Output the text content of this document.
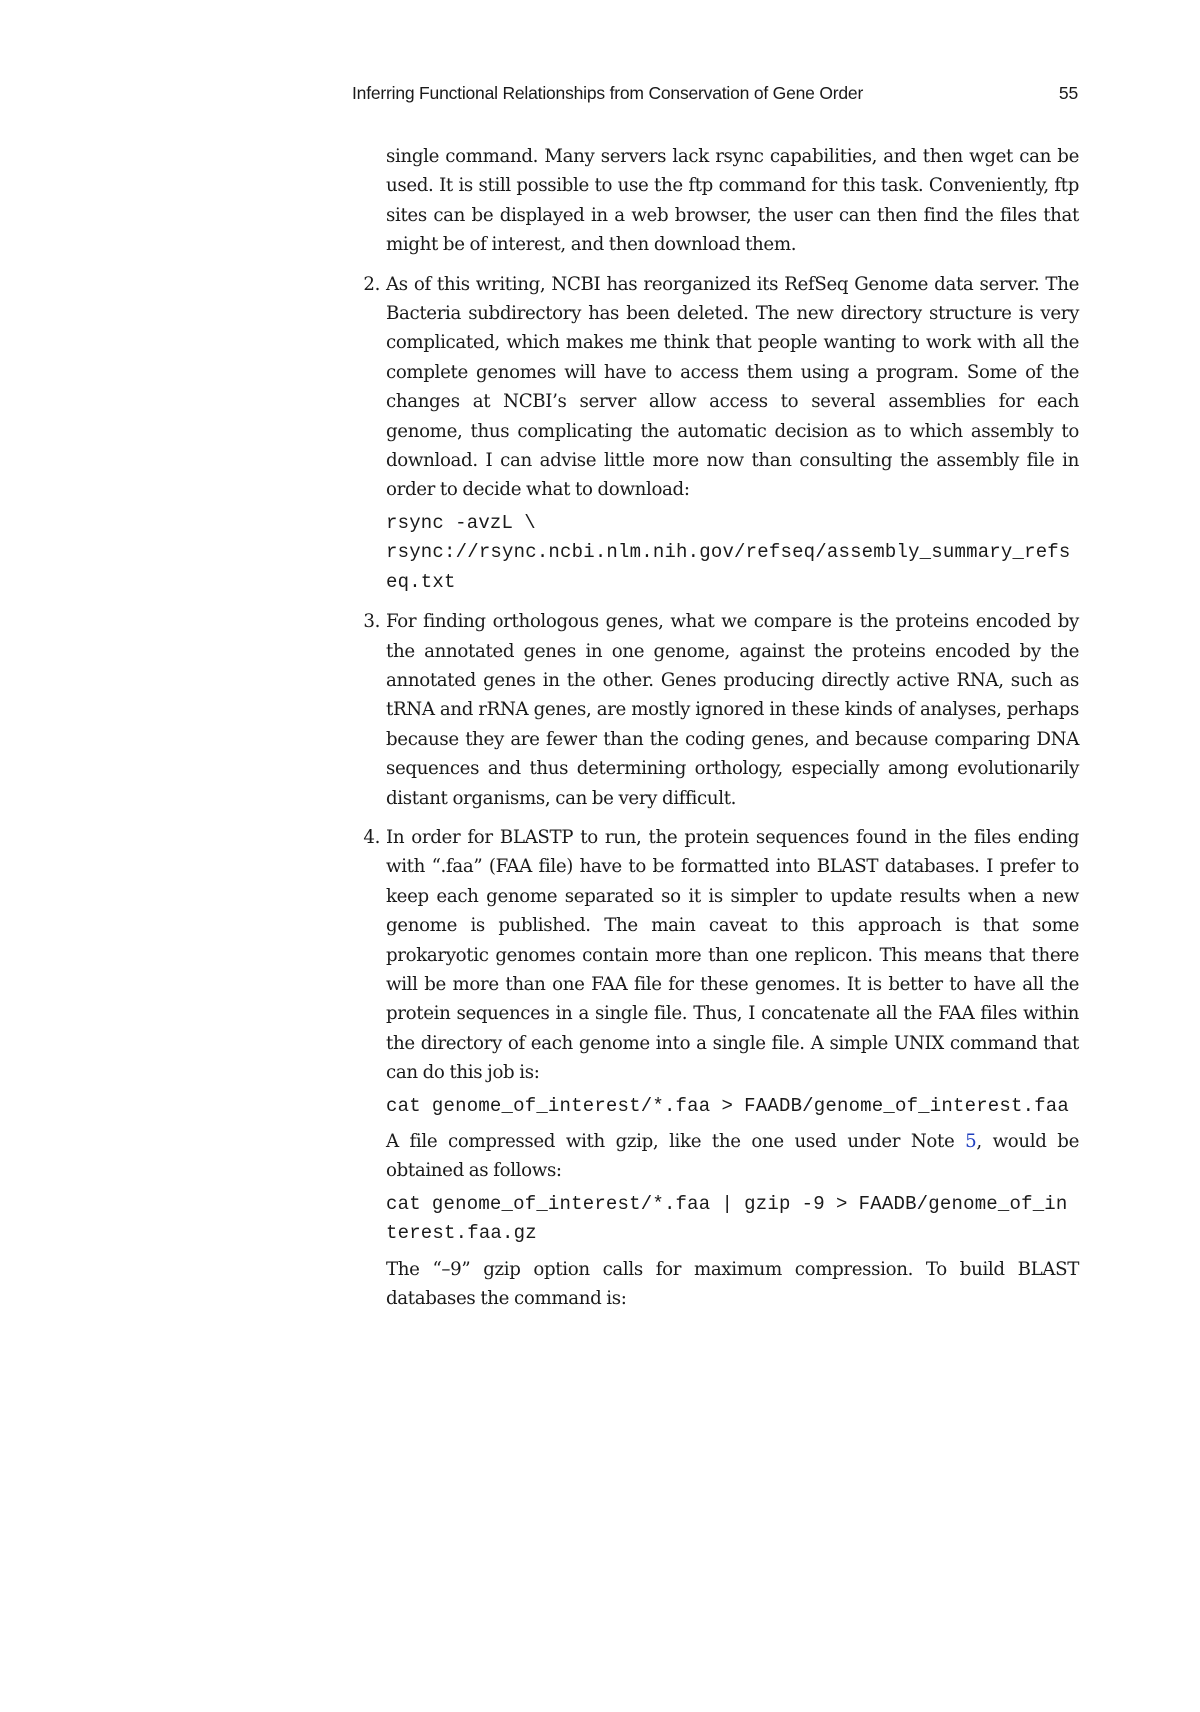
Inferring Functional Relationships from Conservation of Gene Order	55

single command. Many servers lack rsync capabilities, and then wget can be used. It is still possible to use the ftp command for this task. Conveniently, ftp sites can be displayed in a web browser, the user can then find the files that might be of interest, and then download them.

2. As of this writing, NCBI has reorganized its RefSeq Genome data server. The Bacteria subdirectory has been deleted. The new directory structure is very complicated, which makes me think that people wanting to work with all the complete genomes will have to access them using a program. Some of the changes at NCBI’s server allow access to several assemblies for each genome, thus complicating the automatic decision as to which assembly to download. I can advise little more now than consulting the assembly file in order to decide what to download:

rsync -avzL \
rsync://rsync.ncbi.nlm.nih.gov/refseq/assembly_summary_refseq.txt
3. For finding orthologous genes, what we compare is the proteins encoded by the annotated genes in one genome, against the proteins encoded by the annotated genes in the other. Genes producing directly active RNA, such as tRNA and rRNA genes, are mostly ignored in these kinds of analyses, perhaps because they are fewer than the coding genes, and because comparing DNA sequences and thus determining orthology, especially among evolutionarily distant organisms, can be very difficult.

4. In order for BLASTP to run, the protein sequences found in the files ending with “.faa” (FAA file) have to be formatted into BLAST databases. I prefer to keep each genome separated so it is simpler to update results when a new genome is published. The main caveat to this approach is that some prokaryotic genomes contain more than one replicon. This means that there will be more than one FAA file for these genomes. It is better to have all the protein sequences in a single file. Thus, I concatenate all the FAA files within the directory of each genome into a single file. A simple UNIX command that can do this job is:

cat genome_of_interest/*.faa > FAADB/genome_of_interest.faa

A file compressed with gzip, like the one used under Note 5, would be obtained as follows:

cat genome_of_interest/*.faa | gzip -9 > FAADB/genome_of_interest.faa.gz

The “–9” gzip option calls for maximum compression. To build BLAST databases the command is:
